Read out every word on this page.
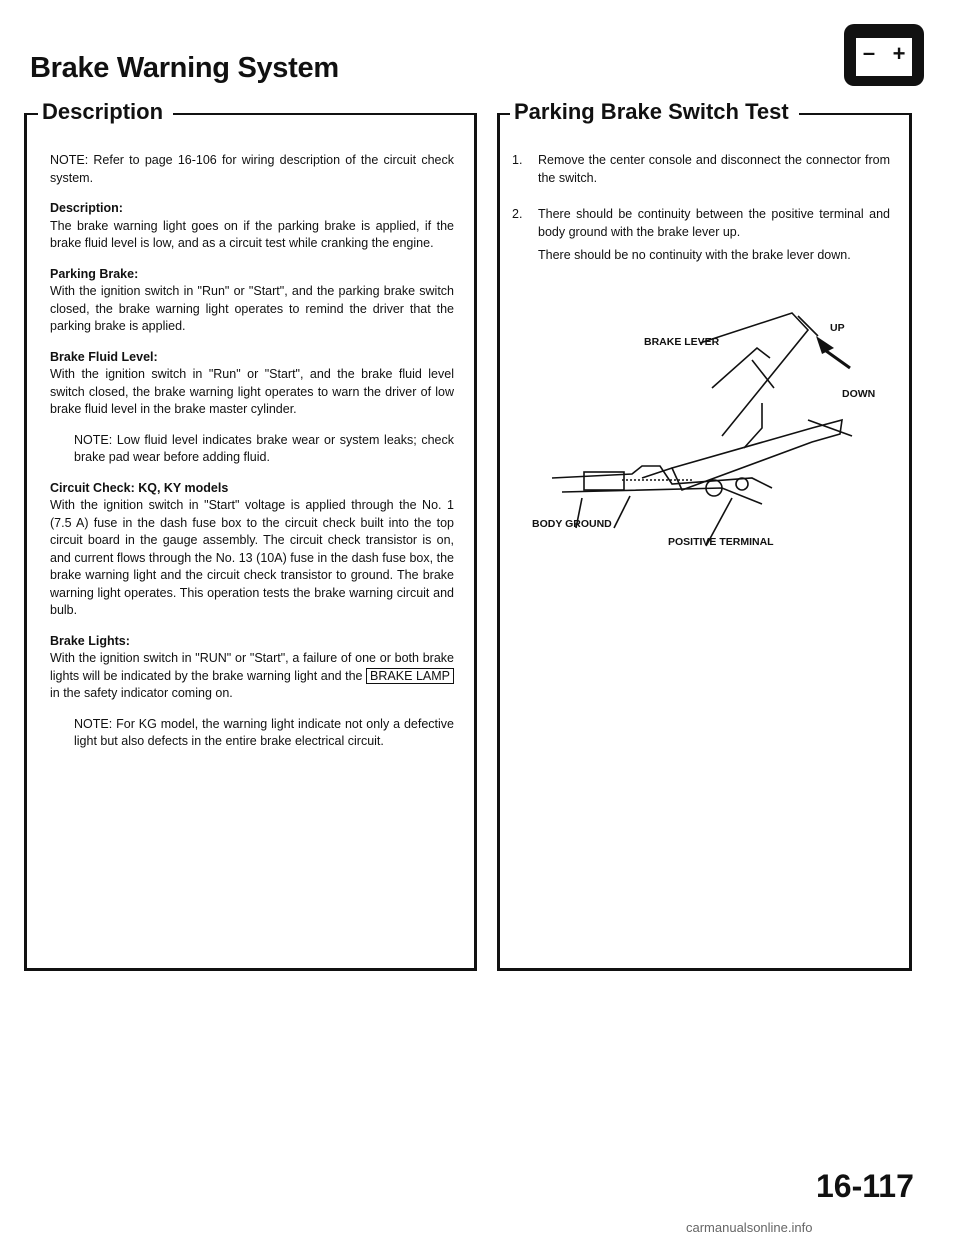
Brake Warning System	– +
Description	Parking Brake Switch Test

NOTE: Refer to page 16-106 for wiring description of the circuit check system.

Description:
The brake warning light goes on if the parking brake is applied, if the brake fluid level is low, and as a circuit test while cranking the engine.

Parking Brake:
With the ignition switch in "Run" or "Start", and the parking brake switch closed, the brake warning light operates to remind the driver that the parking brake is applied.

Brake Fluid Level:
With the ignition switch in "Run" or "Start", and the brake fluid level switch closed, the brake warning light operates to warn the driver of low brake fluid level in the brake master cylinder.

NOTE: Low fluid level indicates brake wear or system leaks; check brake pad wear before adding fluid.

Circuit Check: KQ, KY models
With the ignition switch in "Start" voltage is applied through the No. 1 (7.5 A) fuse in the dash fuse box to the circuit check built into the top circuit board in the gauge assembly. The circuit check transistor is on, and current flows through the No. 13 (10A) fuse in the dash fuse box, the brake warning light and the circuit check transistor to ground. The brake warning light operates. This operation tests the brake warning circuit and bulb.

Brake Lights:
With the ignition switch in "RUN" or "Start", a failure of one or both brake lights will be indicated by the brake warning light and the BRAKE LAMP in the safety indicator coming on.

NOTE: For KG model, the warning light indicate not only a defective light but also defects in the entire brake electrical circuit.

1.	Remove the center console and disconnect the connector from the switch.

2.	There should be continuity between the positive terminal and body ground with the brake lever up.

There should be no continuity with the brake lever down.

BRAKE LEVER
UP
DOWN
BODY GROUND
POSITIVE TERMINAL
16-117
carmanualsonline.info
